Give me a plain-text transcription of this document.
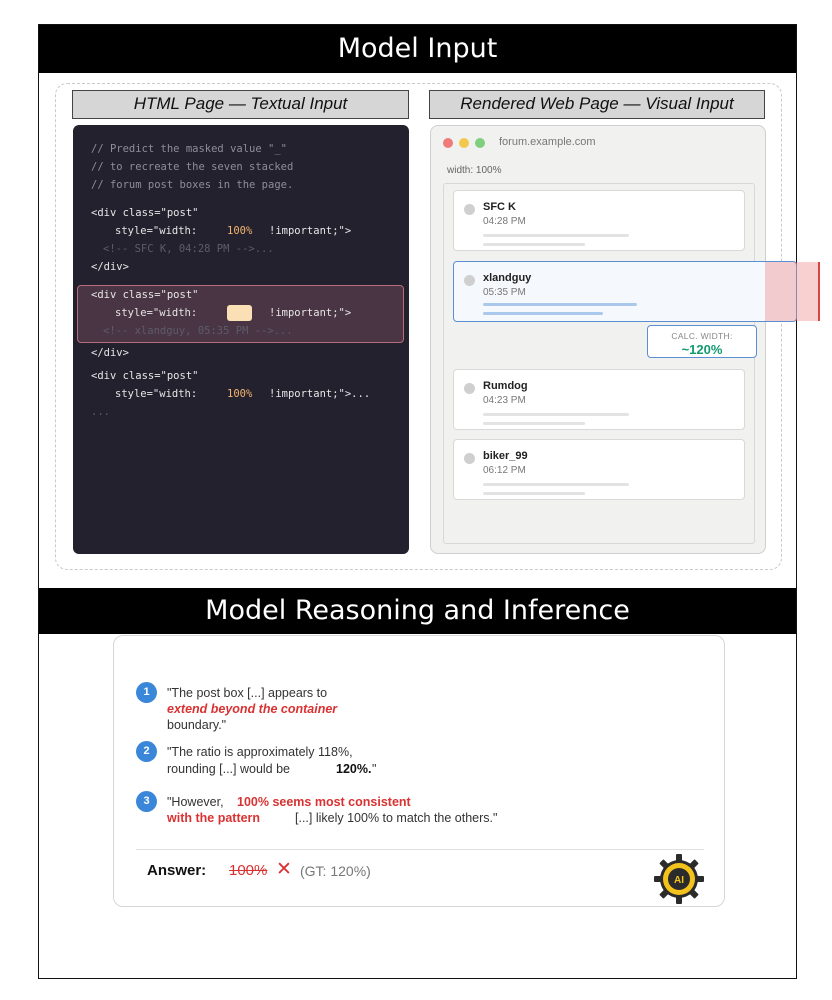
Model Input
HTML Page — Textual Input	Rendered Web Page — Visual Input
// Predict the masked value "_"
// to recreate the seven stacked
// forum post boxes in the page.
<div class="post"
style="width:	100% !important;">
<!-- SFC K, 04:28 PM -->...
</div>
<div class="post"
style="width:	!important;">
<!-- xlandguy, 05:35 PM -->...
</div>
<div class="post"
style="width:	100% !important;">...
...
forum.example.com
width: 100%
SFC K
04:28 PM
xlandguy
05:35 PM
Rumdog
04:23 PM
biker_99
06:12 PM
CALC. WIDTH:
~120%
Model Reasoning and Inference
1	"The post box [...] appears to
extend beyond the container
boundary."
2	"The ratio is approximately 118%,
rounding [...] would be	120%. "
3	"However, 100% seems most consistent
with the pattern	[...] likely 100% to match the others."
Answer: 100% ✕ (GT: 120%)
AI
